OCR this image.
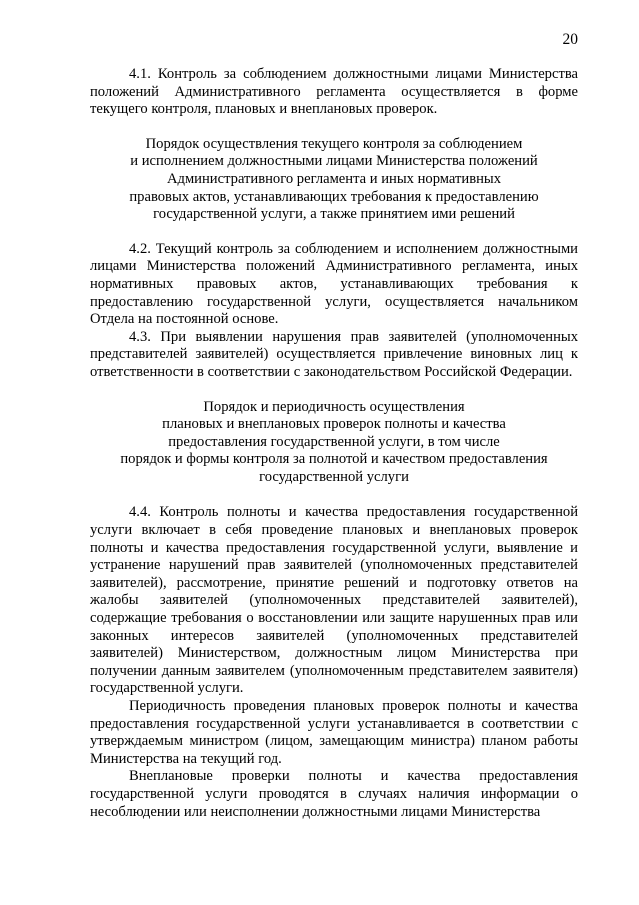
20

4.1. Контроль за соблюдением должностными лицами Министерства положений Административного регламента осуществляется в форме текущего контроля, плановых и внеплановых проверок.

Порядок осуществления текущего контроля за соблюдением
и исполнением должностными лицами Министерства положений
Административного регламента и иных нормативных
правовых актов, устанавливающих требования к предоставлению
государственной услуги, а также принятием ими решений

4.2. Текущий контроль за соблюдением и исполнением должностными лицами Министерства положений Административного регламента, иных нормативных правовых актов, устанавливающих требования к предоставлению государственной услуги, осуществляется начальником Отдела на постоянной основе.

4.3. При выявлении нарушения прав заявителей (уполномоченных представителей заявителей) осуществляется привлечение виновных лиц к ответственности в соответствии с законодательством Российской Федерации.

Порядок и периодичность осуществления
плановых и внеплановых проверок полноты и качества
предоставления государственной услуги, в том числе
порядок и формы контроля за полнотой и качеством предоставления
государственной услуги

4.4. Контроль полноты и качества предоставления государственной услуги включает в себя проведение плановых и внеплановых проверок полноты и качества предоставления государственной услуги, выявление и устранение нарушений прав заявителей (уполномоченных представителей заявителей), рассмотрение, принятие решений и подготовку ответов на жалобы заявителей (уполномоченных представителей заявителей), содержащие требования о восстановлении или защите нарушенных прав или законных интересов заявителей (уполномоченных представителей заявителей) Министерством, должностным лицом Министерства при получении данным заявителем (уполномоченным представителем заявителя) государственной услуги.

Периодичность проведения плановых проверок полноты и качества предоставления государственной услуги устанавливается в соответствии с утверждаемым министром (лицом, замещающим министра) планом работы Министерства на текущий год.

Внеплановые проверки полноты и качества предоставления государственной услуги проводятся в случаях наличия информации о несоблюдении или неисполнении должностными лицами Министерства
